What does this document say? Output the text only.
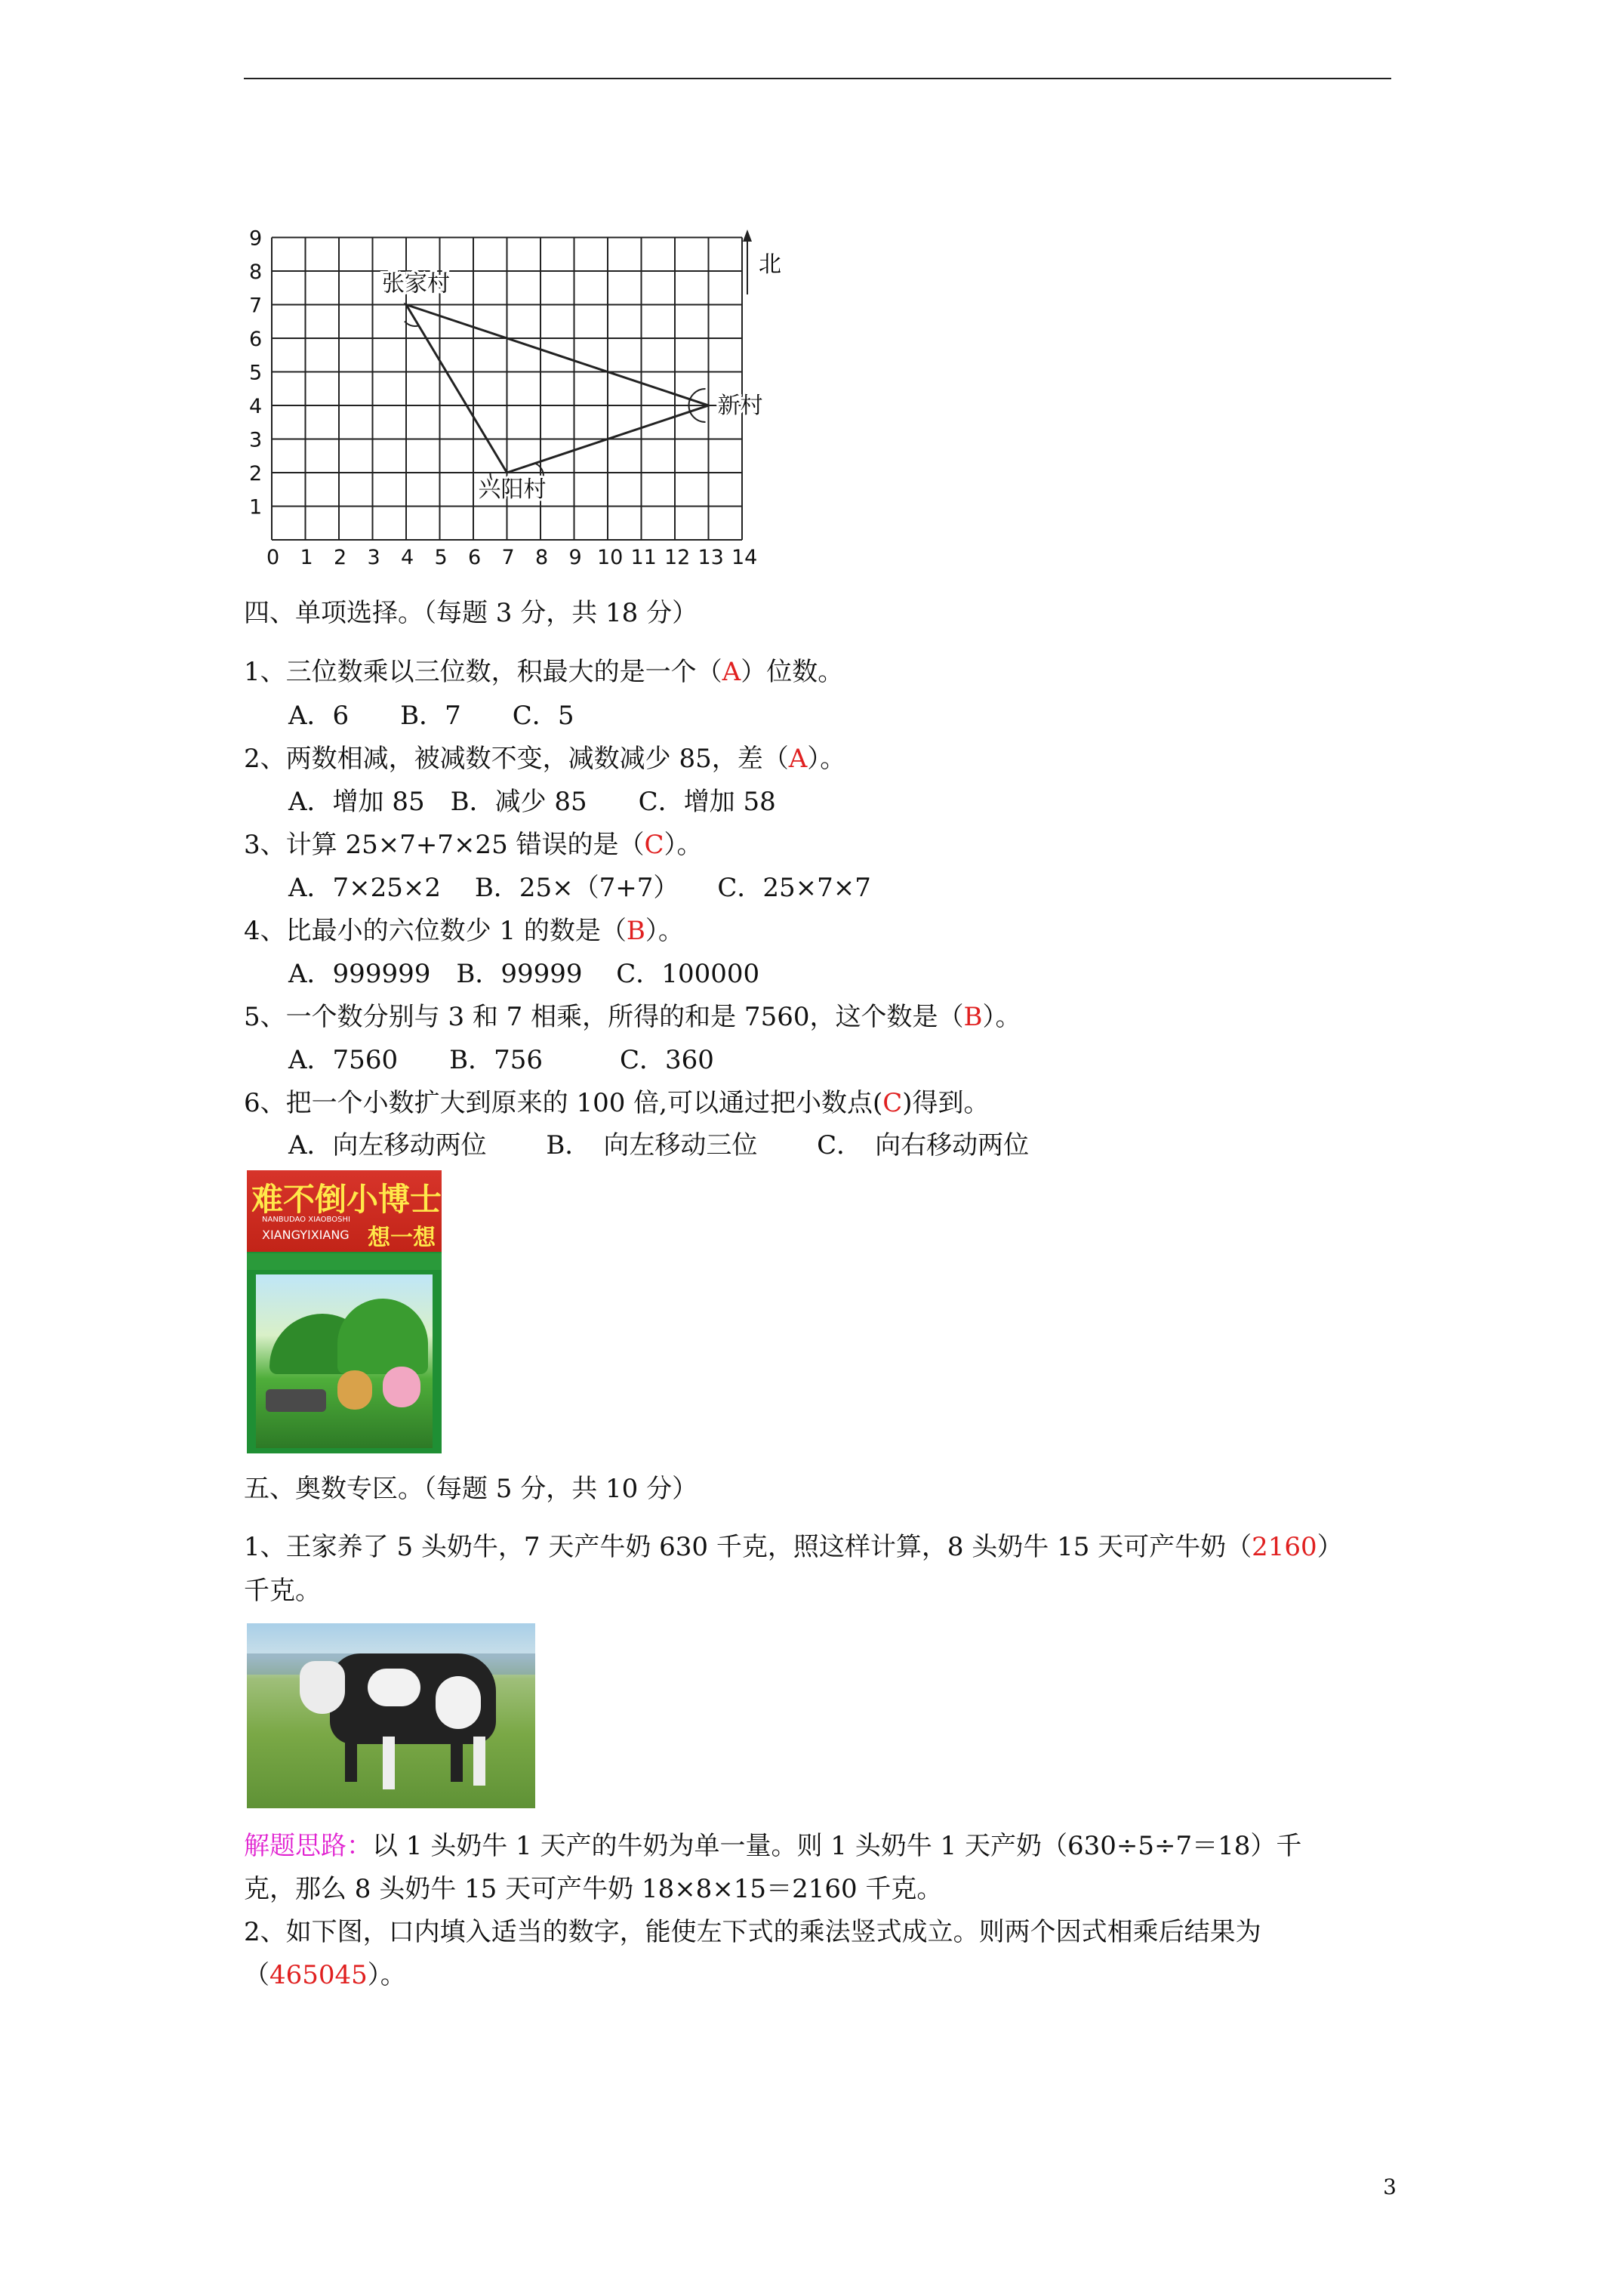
0 1 2 3 4 5 6 7 8 9 10 11 12 13 14
1
2
3
4
5
6
7
8
9
张家村
新村
兴阳村
北
四、单项选择。（每题 3 分，共 18 分）
1、三位数乘以三位数，积最大的是一个（A）位数。
A．6　　B．7　　C．5
2、两数相减，被减数不变，减数减少 85，差（A）。
A．增加 85　B．减少 85　　C．增加 58
3、计算 25×7+7×25 错误的是（C）。
A．7×25×2　 B．25×（7+7）　　C．25×7×7
4、比最小的六位数少 1 的数是（B）。
A．999999　B．99999　 C．100000
5、一个数分别与 3 和 7 相乘，所得的和是 7560，这个数是（B）。
A．7560　　B．756　　　C．360
6、把一个小数扩大到原来的 100 倍,可以通过把小数点(C)得到。
A．向左移动两位　　 B．　向左移动三位　　 C．　向右移动两位
难不倒小博士
NANBUDAO XIAOBOSHI
XIANGYIXIANG 想一想
五、奥数专区。（每题 5 分，共 10 分）
1、王家养了 5 头奶牛，7 天产牛奶 630 千克，照这样计算，8 头奶牛 15 天可产牛奶（2160）
千克。
解题思路：以 1 头奶牛 1 天产的牛奶为单一量。则 1 头奶牛 1 天产奶（630÷5÷7＝18）千
克，那么 8 头奶牛 15 天可产牛奶 18×8×15＝2160 千克。
2、如下图，口内填入适当的数字，能使左下式的乘法竖式成立。则两个因式相乘后结果为
（465045）。
3
